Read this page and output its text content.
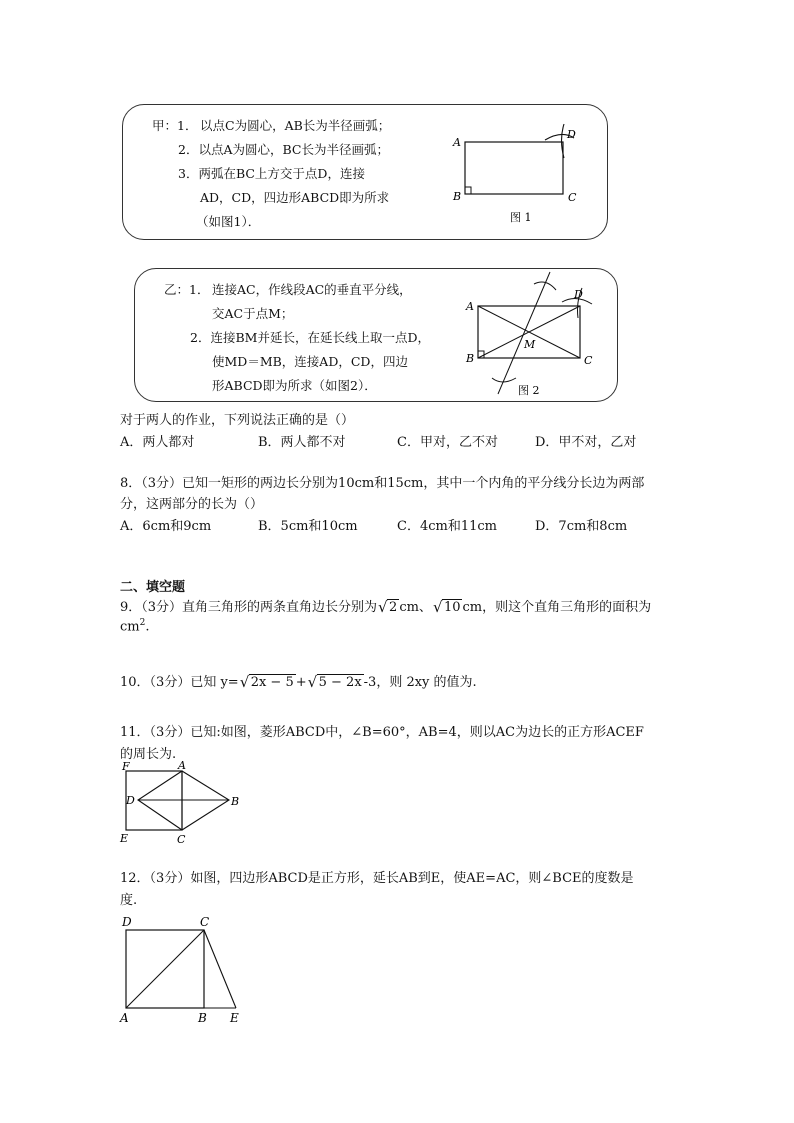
甲：1． 以点C为圆心，AB长为半径画弧；
2．以点A为圆心，BC长为半径画弧；
3．两弧在BC上方交于点D，连接
AD，CD，四边形ABCD即为所求
（如图1）．
A
B	C
D
图 1
乙：1． 连接AC，作线段AC的垂直平分线，
交AC于点M；
2．连接BM并延长，在延长线上取一点D，
使MD＝MB，连接AD，CD，四边
形ABCD即为所求（如图2）．
A
B	C
D
M
图 2
对于两人的作业，下列说法正确的是（）
A．两人都对	B．两人都不对	C．甲对，乙不对	D．甲不对，乙对
8．（3分）已知一矩形的两边长分别为10cm和15cm，其中一个内角的平分线分长边为两部
分，这两部分的长为（）
A．6cm和9cm	B．5cm和10cm	C．4cm和11cm	D．7cm和8cm
二、填空题
9．（3分）直角三角形的两条直角边长分别为 √ 2 cm、 √ 10 cm，则这个直角三角形的面积为
$cm^2$.
10．（3分）已知 y= √ 2x − 5 + √ 5 − 2x -3，则 2xy 的值为.
11．（3分）已知:如图，菱形ABCD中，∠B=60°，AB=4，则以AC为边长的正方形ACEF
的周长为.
F	A
D	B
E	C
12．（3分）如图，四边形ABCD是正方形，延长AB到E，使AE=AC，则∠BCE的度数是
度.
D	C
A	B E
